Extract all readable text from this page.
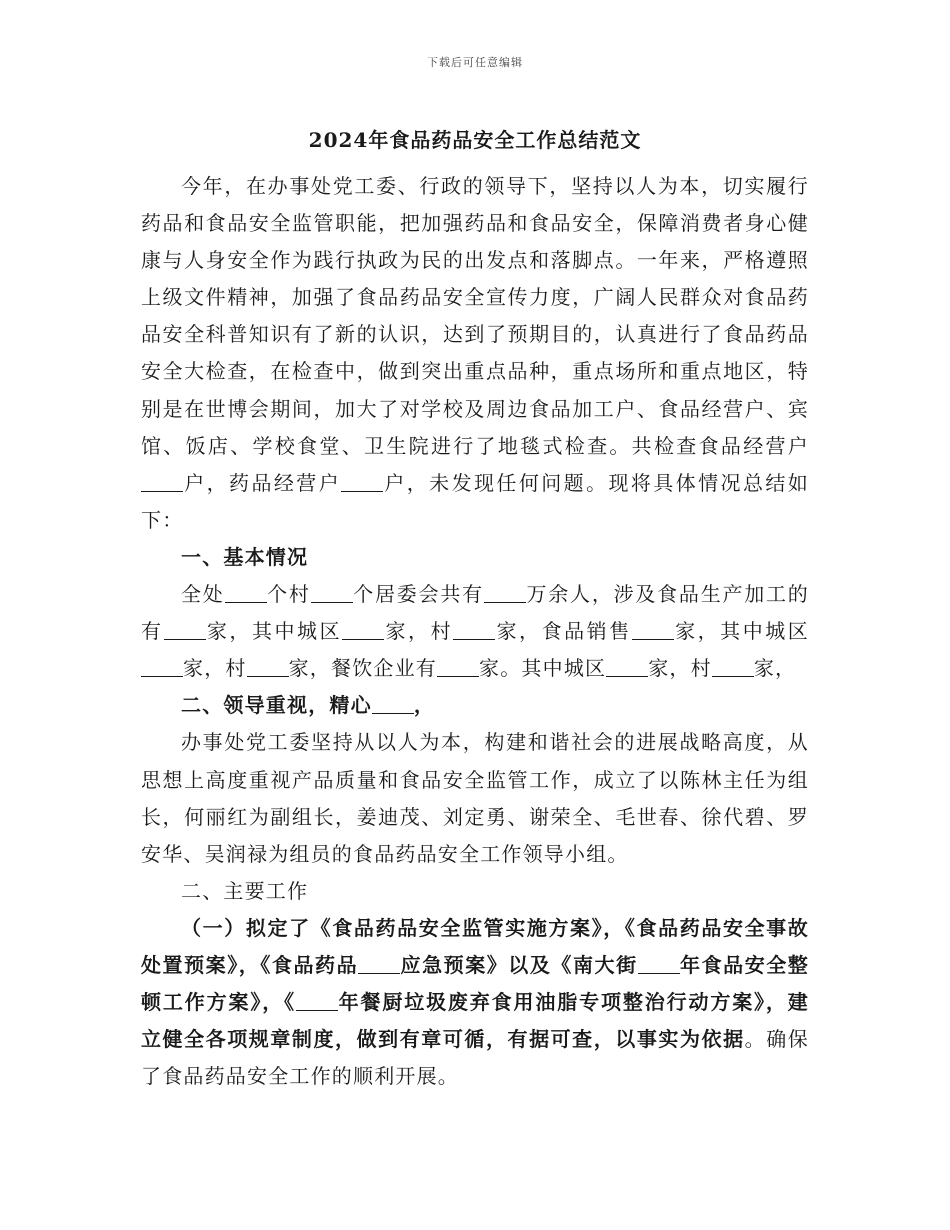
下载后可任意编辑
2024年食品药品安全工作总结范文

今年，在办事处党工委、行政的领导下，坚持以人为本，切实履行药品和食品安全监管职能，把加强药品和食品安全，保障消费者身心健康与人身安全作为践行执政为民的出发点和落脚点。一年来，严格遵照上级文件精神，加强了食品药品安全宣传力度，广阔人民群众对食品药品安全科普知识有了新的认识，达到了预期目的，认真进行了食品药品安全大检查，在检查中，做到突出重点品种，重点场所和重点地区，特别是在世博会期间，加大了对学校及周边食品加工户、食品经营户、宾馆、饭店、学校食堂、卫生院进行了地毯式检查。共检查食品经营户户，药品经营户 户，未发现任何问题。现将具体情况总结如下：

一、基本情况

全处 个村 个居委会共有 万余人，涉及食品生产加工的有 家，其中城区 家，村 家，食品销售 家，其中城区家，村 家，餐饮企业有 家。其中城区 家，村 家，

二、领导重视，精心 ，

办事处党工委坚持从以人为本，构建和谐社会的进展战略高度，从思想上高度重视产品质量和食品安全监管工作，成立了以陈林主任为组长，何丽红为副组长，姜迪茂、刘定勇、谢荣全、毛世春、徐代碧、罗安华、吴润禄为组员的食品药品安全工作领导小组。

二、主要工作

（一）拟定了《食品药品安全监管实施方案》，《食品药品安全事故处置预案》，《食品药品 应急预案》以及《南大街 年食品安全整顿工作方案》，《 年餐厨垃圾废弃食用油脂专项整治行动方案》，建立健全各项规章制度，做到有章可循，有据可查，以事实为依据。确保了食品药品安全工作的顺利开展。
